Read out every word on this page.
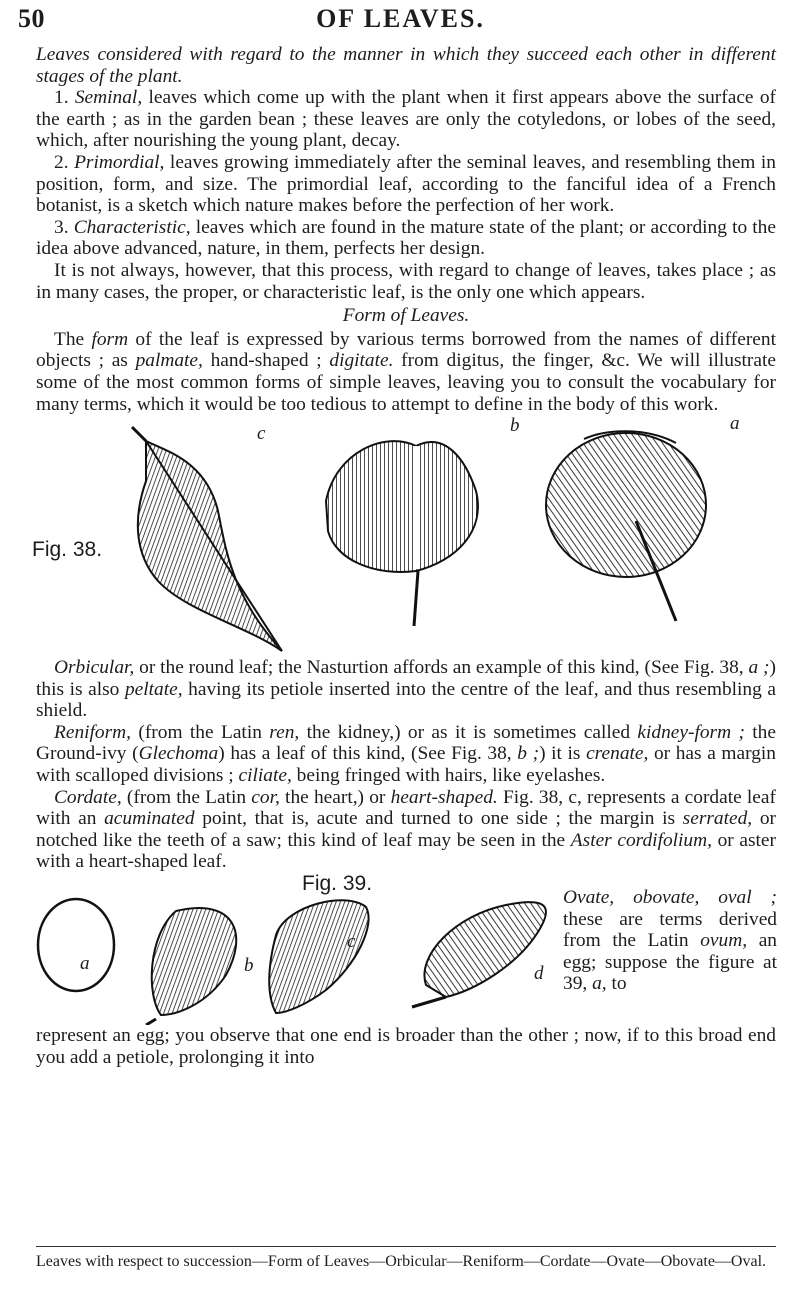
OF LEAVES.
50

Leaves considered with regard to the manner in which they succeed each other in different stages of the plant.

1. Seminal, leaves which come up with the plant when it first appears above the surface of the earth ; as in the garden bean ; these leaves are only the cotyledons, or lobes of the seed, which, after nourishing the young plant, decay.

2. Primordial, leaves growing immediately after the seminal leaves, and resembling them in position, form, and size. The primordial leaf, according to the fanciful idea of a French botanist, is a sketch which nature makes before the perfection of her work.

3. Characteristic, leaves which are found in the mature state of the plant; or according to the idea above advanced, nature, in them, perfects her design.

It is not always, however, that this process, with regard to change of leaves, takes place ; as in many cases, the proper, or characteristic leaf, is the only one which appears.

Form of Leaves.

The form of the leaf is expressed by various terms borrowed from the names of different objects ; as palmate, hand-shaped ; digitate. from digitus, the finger, &c. We will illustrate some of the most common forms of simple leaves, leaving you to consult the vocabulary for many terms, which it would be too tedious to attempt to define in the body of this work.

Fig. 38.
c	b	a

Orbicular, or the round leaf; the Nasturtion affords an example of this kind, (See Fig. 38, a ;) this is also peltate, having its petiole inserted into the centre of the leaf, and thus resembling a shield.

Reniform, (from the Latin ren, the kidney,) or as it is sometimes called kidney-form ; the Ground-ivy (Glechoma) has a leaf of this kind, (See Fig. 38, b ;) it is crenate, or has a margin with scalloped divisions ; ciliate, being fringed with hairs, like eyelashes.

Cordate, (from the Latin cor, the heart,) or heart-shaped. Fig. 38, c, represents a cordate leaf with an acuminated point, that is, acute and turned to one side ; the margin is serrated, or notched like the teeth of a saw; this kind of leaf may be seen in the Aster cordifolium, or aster with a heart-shaped leaf.

Fig. 39.
a	b
c
d
Ovate, obovate, oval ; these are terms derived from the Latin ovum, an egg; suppose the figure at 39, a, to

represent an egg; you observe that one end is broader than the other ; now, if to this broad end you add a petiole, prolonging it into

Leaves with respect to succession—Form of Leaves—Orbicular—Reniform—Cordate—Ovate—Obovate—Oval.
